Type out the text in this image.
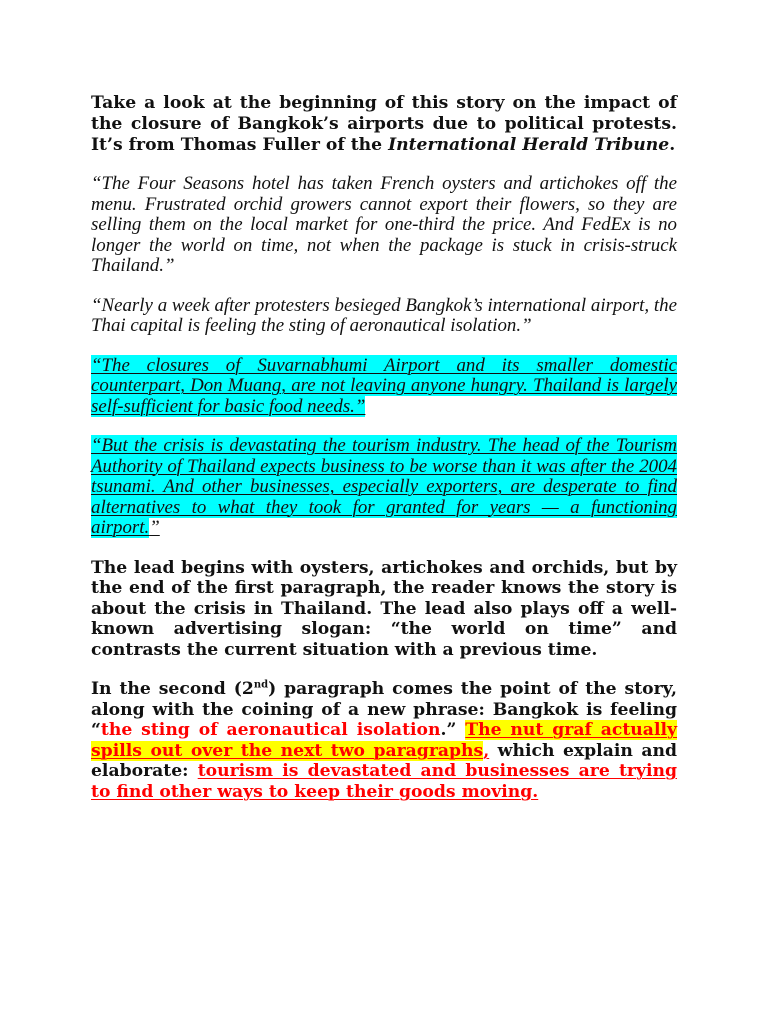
Take a look at the beginning of this story on the impact of the closure of Bangkok’s airports due to political protests. It’s from Thomas Fuller of the International Herald Tribune.

“The Four Seasons hotel has taken French oysters and artichokes off the menu. Frustrated orchid growers cannot export their flowers, so they are selling them on the local market for one-third the price. And FedEx is no longer the world on time, not when the package is stuck in crisis-struck Thailand.”

“Nearly a week after protesters besieged Bangkok’s international airport, the Thai capital is feeling the sting of aeronautical isolation.”

“The closures of Suvarnabhumi Airport and its smaller domestic counterpart, Don Muang, are not leaving anyone hungry. Thailand is largely self-sufficient for basic food needs.”

“But the crisis is devastating the tourism industry. The head of the Tourism Authority of Thailand expects business to be worse than it was after the 2004 tsunami. And other businesses, especially exporters, are desperate to find alternatives to what they took for granted for years — a functioning airport.”

The lead begins with oysters, artichokes and orchids, but by the end of the first paragraph, the reader knows the story is about the crisis in Thailand. The lead also plays off a well-known advertising slogan: “the world on time” and contrasts the current situation with a previous time.

In the second (2nd) paragraph comes the point of the story, along with the coining of a new phrase: Bangkok is feeling “the sting of aeronautical isolation.” The nut graf actually spills out over the next two paragraphs, which explain and elaborate: tourism is devastated and businesses are trying to find other ways to keep their goods moving.
